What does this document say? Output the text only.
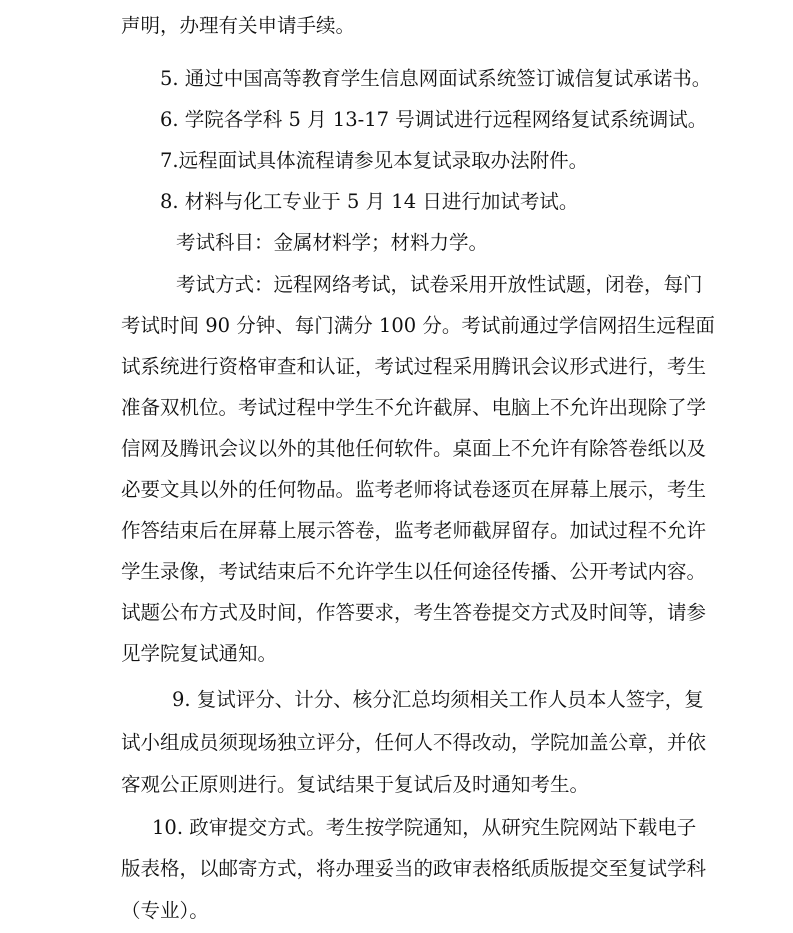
声明，办理有关申请手续。

5. 通过中国高等教育学生信息网面试系统签订诚信复试承诺书。

6. 学院各学科 5 月 13-17 号调试进行远程网络复试系统调试。

7.远程面试具体流程请参见本复试录取办法附件。

8. 材料与化工专业于 5 月 14 日进行加试考试。

考试科目：金属材料学；材料力学。

考试方式：远程网络考试，试卷采用开放性试题，闭卷，每门

考试时间 90 分钟、每门满分 100 分。考试前通过学信网招生远程面

试系统进行资格审查和认证，考试过程采用腾讯会议形式进行，考生

准备双机位。考试过程中学生不允许截屏、电脑上不允许出现除了学

信网及腾讯会议以外的其他任何软件。桌面上不允许有除答卷纸以及

必要文具以外的任何物品。监考老师将试卷逐页在屏幕上展示，考生

作答结束后在屏幕上展示答卷，监考老师截屏留存。加试过程不允许

学生录像，考试结束后不允许学生以任何途径传播、公开考试内容。

试题公布方式及时间，作答要求，考生答卷提交方式及时间等，请参

见学院复试通知。

9. 复试评分、计分、核分汇总均须相关工作人员本人签字，复

试小组成员须现场独立评分，任何人不得改动，学院加盖公章，并依

客观公正原则进行。复试结果于复试后及时通知考生。

10. 政审提交方式。考生按学院通知，从研究生院网站下载电子

版表格，以邮寄方式，将办理妥当的政审表格纸质版提交至复试学科

（专业）。
